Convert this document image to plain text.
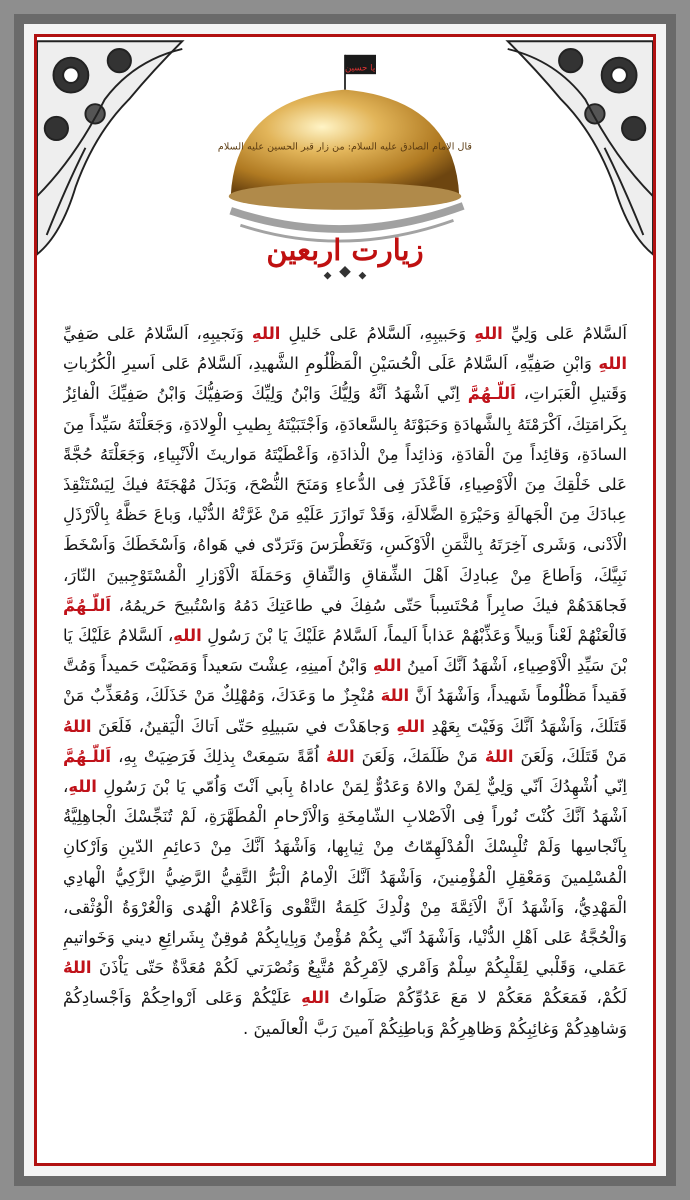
يا حسين
قال الامام الصادق عليه السلام: من زار قبر الحسين عليه السلام
زیارت اربعین

اَلسَّلامُ عَلى وَلِيِّ اللهِ وَحَبيبِهِ، اَلسَّلامُ عَلى خَليلِ اللهِ وَنَجيبِهِ، اَلسَّلامُ عَلى صَفِيِّ اللهِ وَابْنِ صَفِيِّهِ، اَلسَّلامُ عَلَى الْحُسَيْنِ الْمَظْلُومِ الشَّهيدِ، اَلسَّلامُ عَلى اَسيرِ الْكُرُباتِ وَقَتيلِ الْعَبَراتِ، اَللّـهُمَّ اِنّي اَشْهَدُ اَنَّهُ وَلِيُّكَ وَابْنُ وَلِيِّكَ وَصَفِيُّكَ وَابْنُ صَفِيِّكَ الْفائِزُ بِكَرامَتِكَ، اَكْرَمْتَهُ بِالشَّهادَةِ وَحَبَوْتَهُ بِالسَّعادَةِ، وَاَجْتَبَيْتَهُ بِطيبِ الْوِلادَةِ، وَجَعَلْتَهُ سَيِّداً مِنَ السادَةِ، وَقائِداً مِنَ الْقادَةِ، وَذائِداً مِنْ الْذادَةِ، وَاَعْطَيْتَهُ مَواريثَ الْاَنْبِياءِ، وَجَعَلْتَهُ حُجَّةً عَلى خَلْقِكَ مِنَ الْاَوْصِياءِ، فَاَعْذَرَ فِى الدُّعاءِ وَمَنَحَ النُّصْحَ، وَبَذَلَ مُهْجَتَهُ فيكَ لِيَسْتَنْقِذَ عِبادَكَ مِنَ الْجَهالَةِ وَحَيْرَةِ الضَّلالَةِ، وَقَدْ تَوازَرَ عَلَيْهِ مَنْ غَرَّتْهُ الدُّنْيا، وَباعَ حَظَّهُ بِالْاَرْذَلِ الْاَدْنى، وَشَرى آخِرَتَهُ بِالثَّمَنِ الْاَوْكَسِ، وَتَغَطْرَسَ وَتَرَدّى في هَواهُ، وَاَسْخَطَكَ وَاَسْخَطَ نَبِيَّكَ، وَاَطاعَ مِنْ عِبادِكَ اَهْلَ الشِّقاقِ وَالنِّفاقِ وَحَمَلَةَ الْاَوْزارِ الْمُسْتَوْجِبينَ النّارَ، فَجاهَدَهُمْ فيكَ صابِراً مُحْتَسِباً حَتّى سُفِكَ في طاعَتِكَ دَمُهُ وَاسْتُبيحَ حَريمُهُ، اَللّـهُمَّ فَالْعَنْهُمْ لَعْناً وَبيلاً وَعَذِّبْهُمْ عَذاباً اَليماً، اَلسَّلامُ عَلَيْكَ يَا بْنَ رَسُولِ اللهِ، اَلسَّلامُ عَلَيْكَ يَا بْنَ سَيِّدِ الْاَوْصِياءِ، اَشْهَدُ اَنَّكَ اَمينُ اللهِ وَابْنُ اَمينِهِ، عِشْتَ سَعيداً وَمَضَيْتَ حَميداً وَمُتَّ فَقيداً مَظْلُوماً شَهيداً، وَاَشْهَدُ اَنَّ اللهَ مُنْجِزٌ ما وَعَدَكَ، وَمُهْلِكٌ مَنْ خَذَلَكَ، وَمُعَذِّبٌ مَنْ قَتَلَكَ، وَاَشْهَدُ اَنَّكَ وَفَيْتَ بِعَهْدِ اللهِ وَجاهَدْتَ في سَبيلِهِ حَتّى اَتاكَ الْيَقينُ، فَلَعَنَ اللهُ مَنْ قَتَلَكَ، وَلَعَنَ اللهُ مَنْ ظَلَمَكَ، وَلَعَنَ اللهُ اُمَّةً سَمِعَتْ بِذلِكَ فَرَضِيَتْ بِهِ، اَللّـهُمَّ اِنّي اُشْهِدُكَ اَنّي وَلِيٌّ لِمَنْ والاهُ وَعَدُوٌّ لِمَنْ عاداهُ بِاَبي اَنْتَ وَاُمّي يَا بْنَ رَسُولِ اللهِ، اَشْهَدُ اَنَّكَ كُنْتَ نُوراً فِى الْاَصْلابِ الشّامِخَةِ وَالْاَرْحامِ الْمُطَهَّرَةِ، لَمْ تُنَجِّسْكَ الْجاهِلِيَّةُ بِاَنْجاسِها وَلَمْ تُلْبِسْكَ الْمُدْلَهِمّاتُ مِنْ ثِيابِها، وَاَشْهَدُ اَنَّكَ مِنْ دَعائِمِ الدّينِ وَاَرْكانِ الْمُسْلِمينَ وَمَعْقِلِ الْمُؤْمِنينَ، وَاَشْهَدُ اَنَّكَ الْاِمامُ الْبَرُّ التَّقِيُّ الرَّضِيُّ الزَّكِيُّ الْهادِي الْمَهْدِيُّ، وَاَشْهَدُ اَنَّ الْاَئِمَّةَ مِنْ وُلْدِكَ كَلِمَةُ التَّقْوى وَاَعْلامُ الْهُدى وَالْعُرْوَةُ الْوُثْقى، وَالْحُجَّةُ عَلى اَهْلِ الدُّنْيا، وَاَشْهَدُ اَنّي بِكُمْ مُؤْمِنٌ وَبِاِيابِكُمْ مُوقِنٌ بِشَرائِعِ ديني وَخَواتيمِ عَمَلي، وَقَلْبي لِقَلْبِكُمْ سِلْمٌ وَاَمْري لاَِمْرِكُمْ مُتَّبِعٌ وَنُصْرَتي لَكُمْ مُعَدَّةٌ حَتّى يَاْذَنَ اللهُ لَكُمْ، فَمَعَكُمْ مَعَكُمْ لا مَعَ عَدُوِّكُمْ صَلَواتُ اللهِ عَلَيْكُمْ وَعَلى اَرْواحِكُمْ وَاَجْسادِكُمْ وَشاهِدِكُمْ وَغائِبِكُمْ وَظاهِرِكُمْ وَباطِنِكُمْ آمينَ رَبَّ الْعالَمينَ .
